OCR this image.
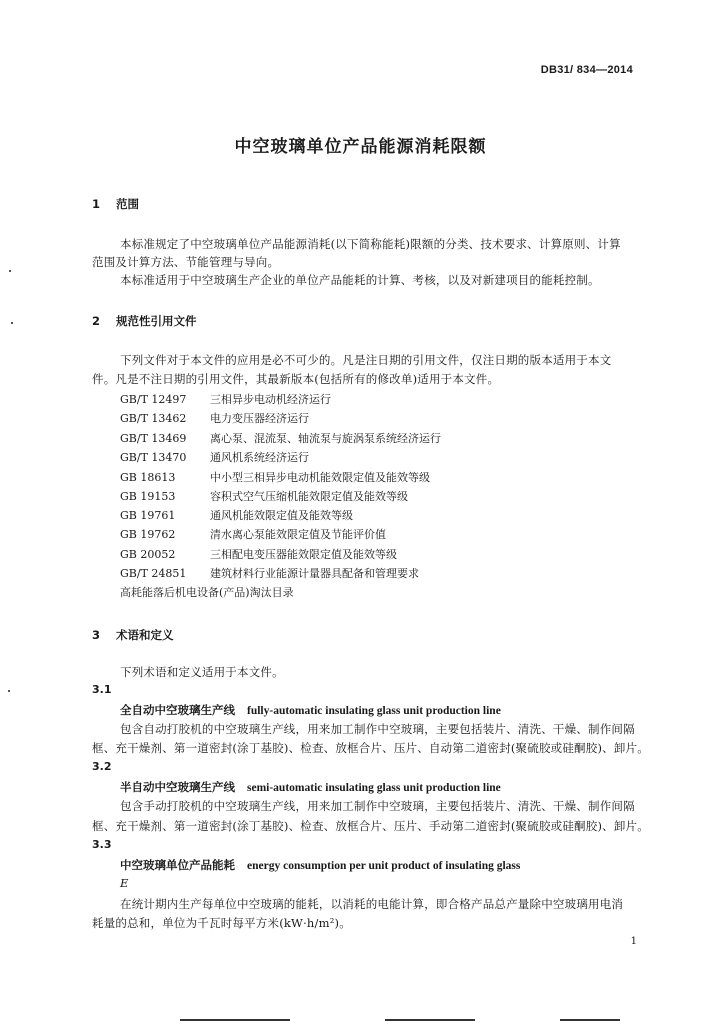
DB31/ 834—2014
中空玻璃单位产品能源消耗限额
1 范围
本标准规定了中空玻璃单位产品能源消耗(以下简称能耗)限额的分类、技术要求、计算原则、计算
范围及计算方法、节能管理与导向。
本标准适用于中空玻璃生产企业的单位产品能耗的计算、考核，以及对新建项目的能耗控制。
2 规范性引用文件
下列文件对于本文件的应用是必不可少的。凡是注日期的引用文件，仅注日期的版本适用于本文
件。凡是不注日期的引用文件，其最新版本(包括所有的修改单)适用于本文件。
GB/T 12497 三相异步电动机经济运行
GB/T 13462 电力变压器经济运行
GB/T 13469 离心泵、混流泵、轴流泵与旋涡泵系统经济运行
GB/T 13470 通风机系统经济运行
GB 18613	中小型三相异步电动机能效限定值及能效等级
GB 19153	容积式空气压缩机能效限定值及能效等级
GB 19761	通风机能效限定值及能效等级
GB 19762	清水离心泵能效限定值及节能评价值
GB 20052	三相配电变压器能效限定值及能效等级
GB/T 24851 建筑材料行业能源计量器具配备和管理要求
高耗能落后机电设备(产品)淘汰目录
3 术语和定义
下列术语和定义适用于本文件。
3.1
全自动中空玻璃生产线 fully-automatic insulating glass unit production line
包含自动打胶机的中空玻璃生产线，用来加工制作中空玻璃，主要包括装片、清洗、干燥、制作间隔
框、充干燥剂、第一道密封(涂丁基胶)、检查、放框合片、压片、自动第二道密封(聚硫胶或硅酮胶)、卸片。
3.2
半自动中空玻璃生产线 semi-automatic insulating glass unit production line
包含手动打胶机的中空玻璃生产线，用来加工制作中空玻璃，主要包括装片、清洗、干燥、制作间隔
框、充干燥剂、第一道密封(涂丁基胶)、检查、放框合片、压片、手动第二道密封(聚硫胶或硅酮胶)、卸片。
3.3
中空玻璃单位产品能耗 energy consumption per unit product of insulating glass
E
在统计期内生产每单位中空玻璃的能耗，以消耗的电能计算，即合格产品总产量除中空玻璃用电消
耗量的总和，单位为千瓦时每平方米(kW·h/m²)。
1
